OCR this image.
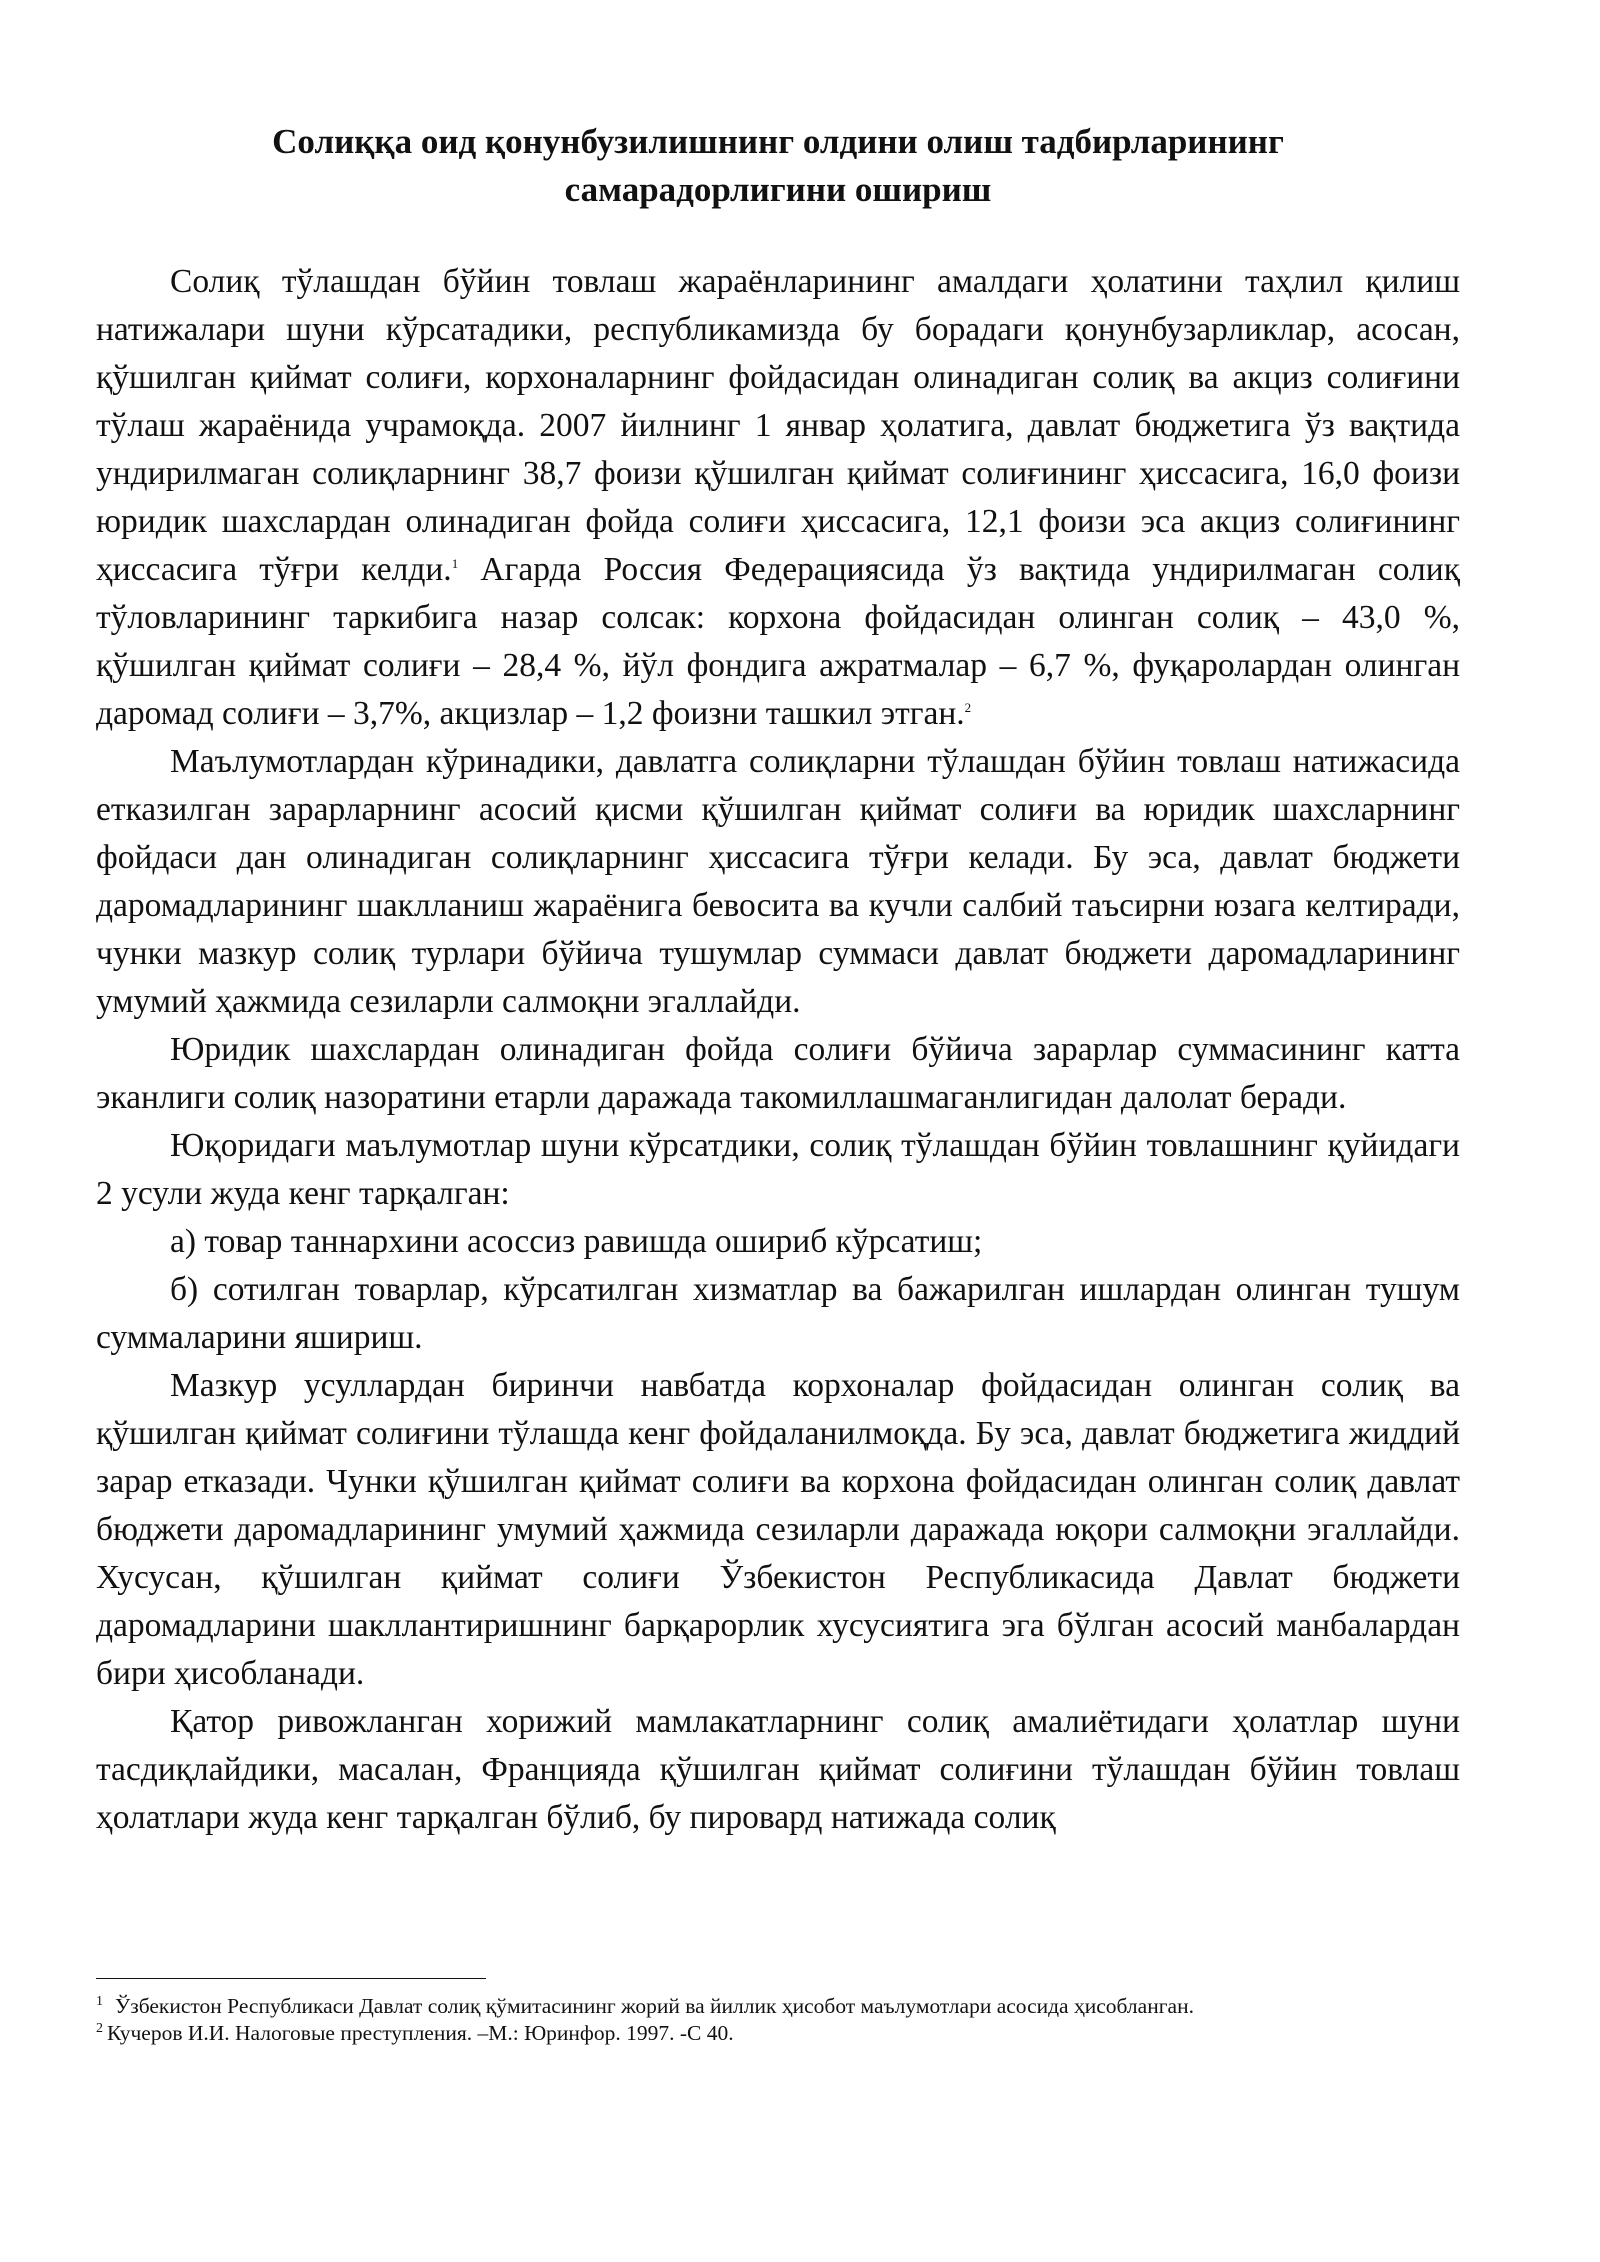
Солиққа оид қонунбузилишнинг олдини олиш тадбирларининг
самарадорлигини ошириш

Солиқ тўлашдан бўйин товлаш жараёнларининг амалдаги ҳолатини таҳлил қилиш натижалари шуни кўрсатадики, республикамизда бу борадаги қонунбузарликлар, асосан, қўшилган қиймат солиғи, корхоналарнинг фойдасидан олинадиган солиқ ва акциз солиғини тўлаш жараёнида учрамоқда. 2007 йилнинг 1 январ ҳолатига, давлат бюджетига ўз вақтида ундирилмаган солиқларнинг 38,7 фоизи қўшилган қиймат солиғининг ҳиссасига, 16,0 фоизи юридик шахслардан олинадиган фойда солиғи ҳиссасига, 12,1 фоизи эса акциз солиғининг ҳиссасига тўғри келди.$^1$ Агарда Россия Федерациясида ўз вақтида ундирилмаган солиқ тўловларининг таркибига назар солсак: корхона фойдасидан олинган солиқ – 43,0 %, қўшилган қиймат солиғи – 28,4 %, йўл фондига ажратмалар – 6,7 %, фуқаролардан олинган даромад солиғи – 3,7%, акцизлар – 1,2 фоизни ташкил этган.$^2$

Маълумотлардан кўринадики, давлатга солиқларни тўлашдан бўйин товлаш натижасида етказилган зарарларнинг асосий қисми қўшилган қиймат солиғи ва юридик шахсларнинг фойдаси дан олинадиган солиқларнинг ҳиссасига тўғри келади. Бу эса, давлат бюджети даромадларининг шаклланиш жараёнига бевосита ва кучли салбий таъсирни юзага келтиради, чунки мазкур солиқ турлари бўйича тушумлар суммаси давлат бюджети даромадларининг умумий ҳажмида сезиларли салмоқни эгаллайди.

Юридик шахслардан олинадиган фойда солиғи бўйича зарарлар суммасининг катта эканлиги солиқ назоратини етарли даражада такомиллашмаганлигидан далолат беради.

Юқоридаги маълумотлар шуни кўрсатдики, солиқ тўлашдан бўйин товлашнинг қуйидаги 2 усули жуда кенг тарқалган:

а) товар таннархини асоссиз равишда ошириб кўрсатиш;

б) сотилган товарлар, кўрсатилган хизматлар ва бажарилган ишлардан олинган тушум суммаларини яшириш.

Мазкур усуллардан биринчи навбатда корхоналар фойдасидан олинган солиқ ва қўшилган қиймат солиғини тўлашда кенг фойдаланилмоқда. Бу эса, давлат бюджетига жиддий зарар етказади. Чунки қўшилган қиймат солиғи ва корхона фойдасидан олинган солиқ давлат бюджети даромадларининг умумий ҳажмида сезиларли даражада юқори салмоқни эгаллайди. Хусусан, қўшилган қиймат солиғи Ўзбекистон Республикасида Давлат бюджети даромадларини шакллантиришнинг барқарорлик хусусиятига эга бўлган асосий манбалардан бири ҳисобланади.

Қатор ривожланган хорижий мамлакатларнинг солиқ амалиётидаги ҳолатлар шуни тасдиқлайдики, масалан, Францияда қўшилган қиймат солиғини тўлашдан бўйин товлаш ҳолатлари жуда кенг тарқалган бўлиб, бу пировард натижада солиқ

$^1$ Ўзбекистон Республикаси Давлат солиқ қўмитасининг жорий ва йиллик ҳисобот маълумотлари асосида ҳисобланган.

$^2$ Кучеров И.И. Налоговые преступления. –М.: Юринфор. 1997. -С 40.
